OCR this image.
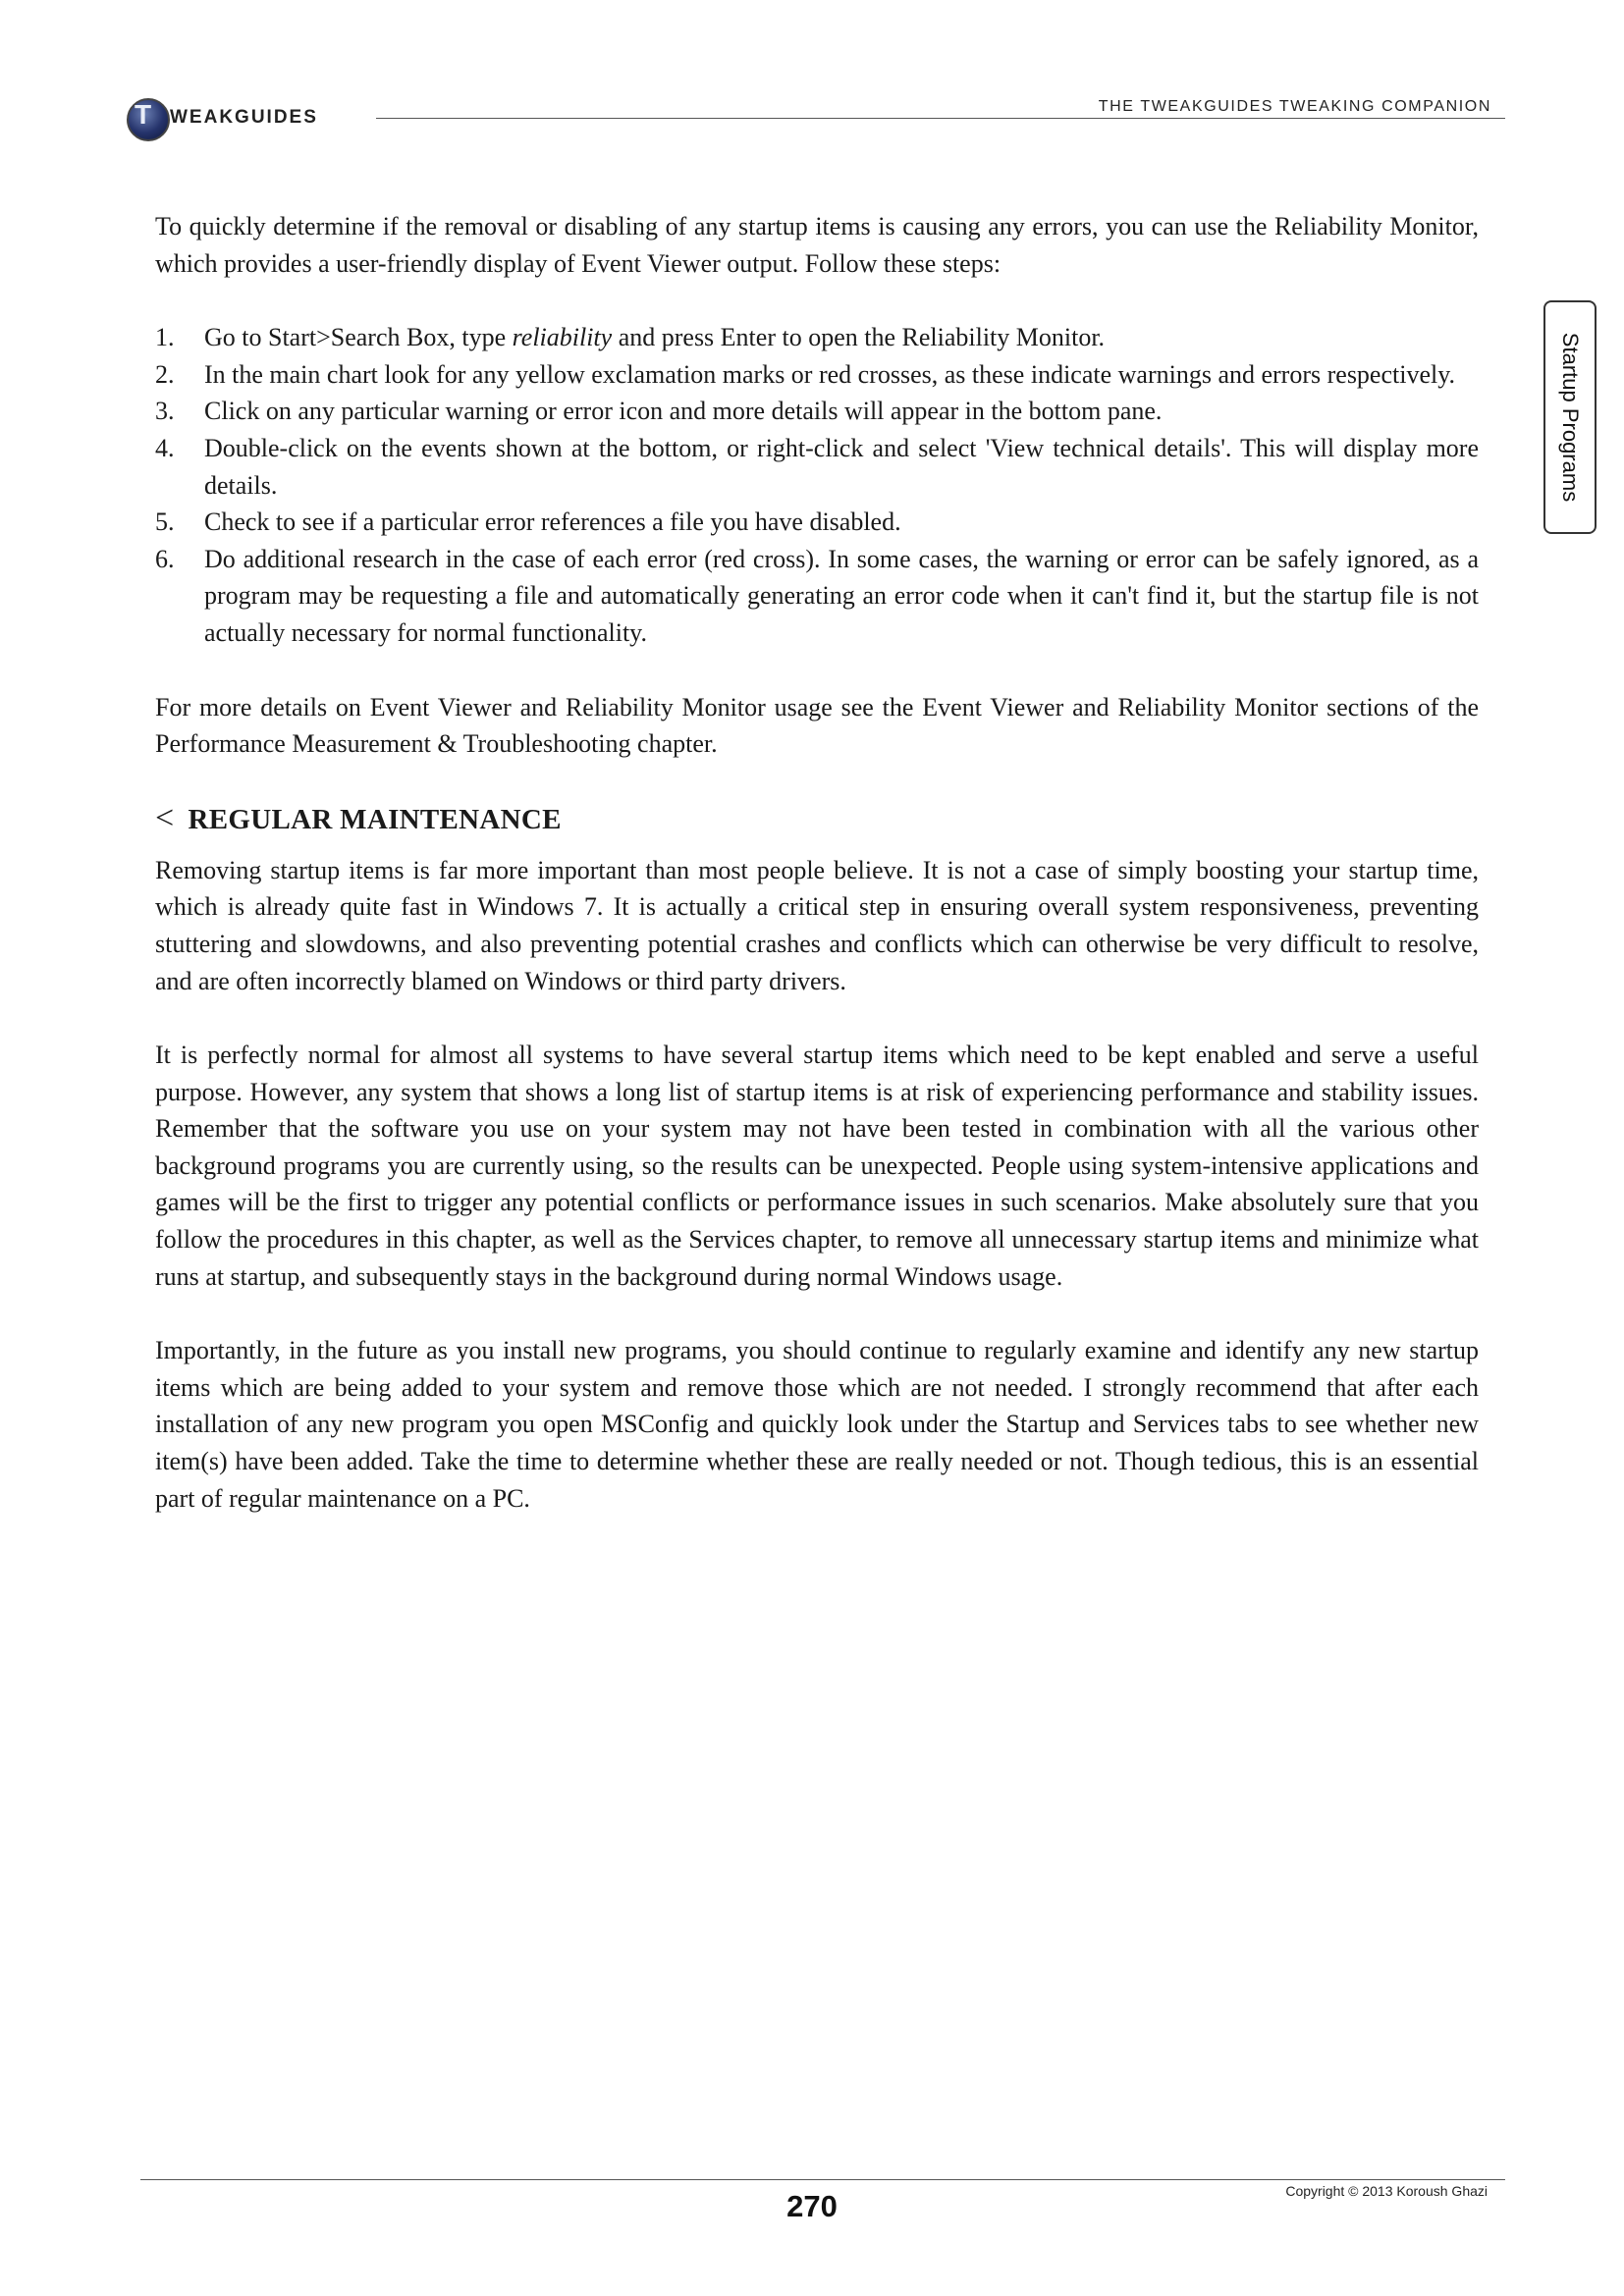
T WEAKGUIDES
THE TWEAKGUIDES TWEAKING COMPANION
Startup Programs

To quickly determine if the removal or disabling of any startup items is causing any errors, you can use the Reliability Monitor, which provides a user-friendly display of Event Viewer output. Follow these steps:

1. Go to Start>Search Box, type reliability and press Enter to open the Reliability Monitor.
2. In the main chart look for any yellow exclamation marks or red crosses, as these indicate warnings and errors respectively.
3. Click on any particular warning or error icon and more details will appear in the bottom pane.
4. Double-click on the events shown at the bottom, or right-click and select 'View technical details'. This will display more details.
5. Check to see if a particular error references a file you have disabled.
6. Do additional research in the case of each error (red cross). In some cases, the warning or error can be safely ignored, as a program may be requesting a file and automatically generating an error code when it can't find it, but the startup file is not actually necessary for normal functionality.

For more details on Event Viewer and Reliability Monitor usage see the Event Viewer and Reliability Monitor sections of the Performance Measurement & Troubleshooting chapter.

< REGULAR MAINTENANCE

Removing startup items is far more important than most people believe. It is not a case of simply boosting your startup time, which is already quite fast in Windows 7. It is actually a critical step in ensuring overall system responsiveness, preventing stuttering and slowdowns, and also preventing potential crashes and conflicts which can otherwise be very difficult to resolve, and are often incorrectly blamed on Windows or third party drivers.

It is perfectly normal for almost all systems to have several startup items which need to be kept enabled and serve a useful purpose. However, any system that shows a long list of startup items is at risk of experiencing performance and stability issues. Remember that the software you use on your system may not have been tested in combination with all the various other background programs you are currently using, so the results can be unexpected. People using system-intensive applications and games will be the first to trigger any potential conflicts or performance issues in such scenarios. Make absolutely sure that you follow the procedures in this chapter, as well as the Services chapter, to remove all unnecessary startup items and minimize what runs at startup, and subsequently stays in the background during normal Windows usage.

Importantly, in the future as you install new programs, you should continue to regularly examine and identify any new startup items which are being added to your system and remove those which are not needed. I strongly recommend that after each installation of any new program you open MSConfig and quickly look under the Startup and Services tabs to see whether new item(s) have been added. Take the time to determine whether these are really needed or not. Though tedious, this is an essential part of regular maintenance on a PC.

270	Copyright © 2013 Koroush Ghazi
